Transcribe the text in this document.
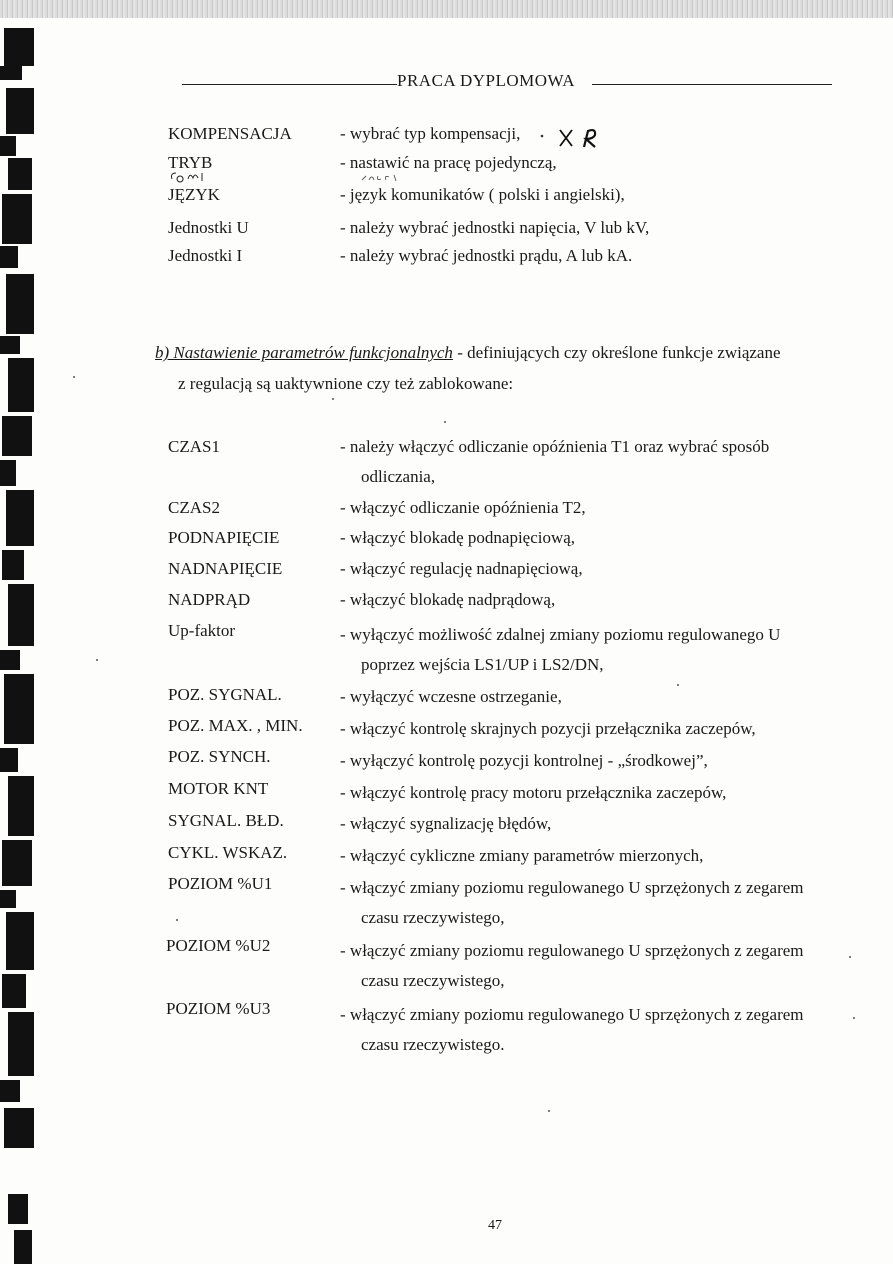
PRACA DYPLOMOWA
KOMPENSACJA	- wybrać typ kompensacji,
TRYB	- nastawić na pracę pojedynczą,
JĘZYK	- język komunikatów ( polski i angielski),
Jednostki U	- należy wybrać jednostki napięcia, V lub kV,
Jednostki I	- należy wybrać jednostki prądu, A lub kA.
b) Nastawienie parametrów funkcjonalnych - definiujących czy określone funkcje związane
z regulacją są uaktywnione czy też zablokowane:
CZAS1	- należy włączyć odliczanie opóźnienia T1 oraz wybrać sposób
odliczania,
CZAS2	- włączyć odliczanie opóźnienia T2,
PODNAPIĘCIE	- włączyć blokadę podnapięciową,
NADNAPIĘCIE	- włączyć regulację nadnapięciową,
NADPRĄD	- włączyć blokadę nadprądową,
Up-faktor	- wyłączyć możliwość zdalnej zmiany poziomu regulowanego U
poprzez wejścia LS1/UP i LS2/DN,
POZ. SYGNAL.	- wyłączyć wczesne ostrzeganie,
POZ. MAX. , MIN. - włączyć kontrolę skrajnych pozycji przełącznika zaczepów,
POZ. SYNCH.	- wyłączyć kontrolę pozycji kontrolnej - „środkowej”,
MOTOR KNT	- włączyć kontrolę pracy motoru przełącznika zaczepów,
SYGNAL. BŁD.	- włączyć sygnalizację błędów,
CYKL. WSKAZ.	- włączyć cykliczne zmiany parametrów mierzonych,
POZIOM %U1	- włączyć zmiany poziomu regulowanego U sprzężonych z zegarem
czasu rzeczywistego,
POZIOM %U2	- włączyć zmiany poziomu regulowanego U sprzężonych z zegarem
czasu rzeczywistego,
POZIOM %U3	- włączyć zmiany poziomu regulowanego U sprzężonych z zegarem
czasu rzeczywistego.
47
